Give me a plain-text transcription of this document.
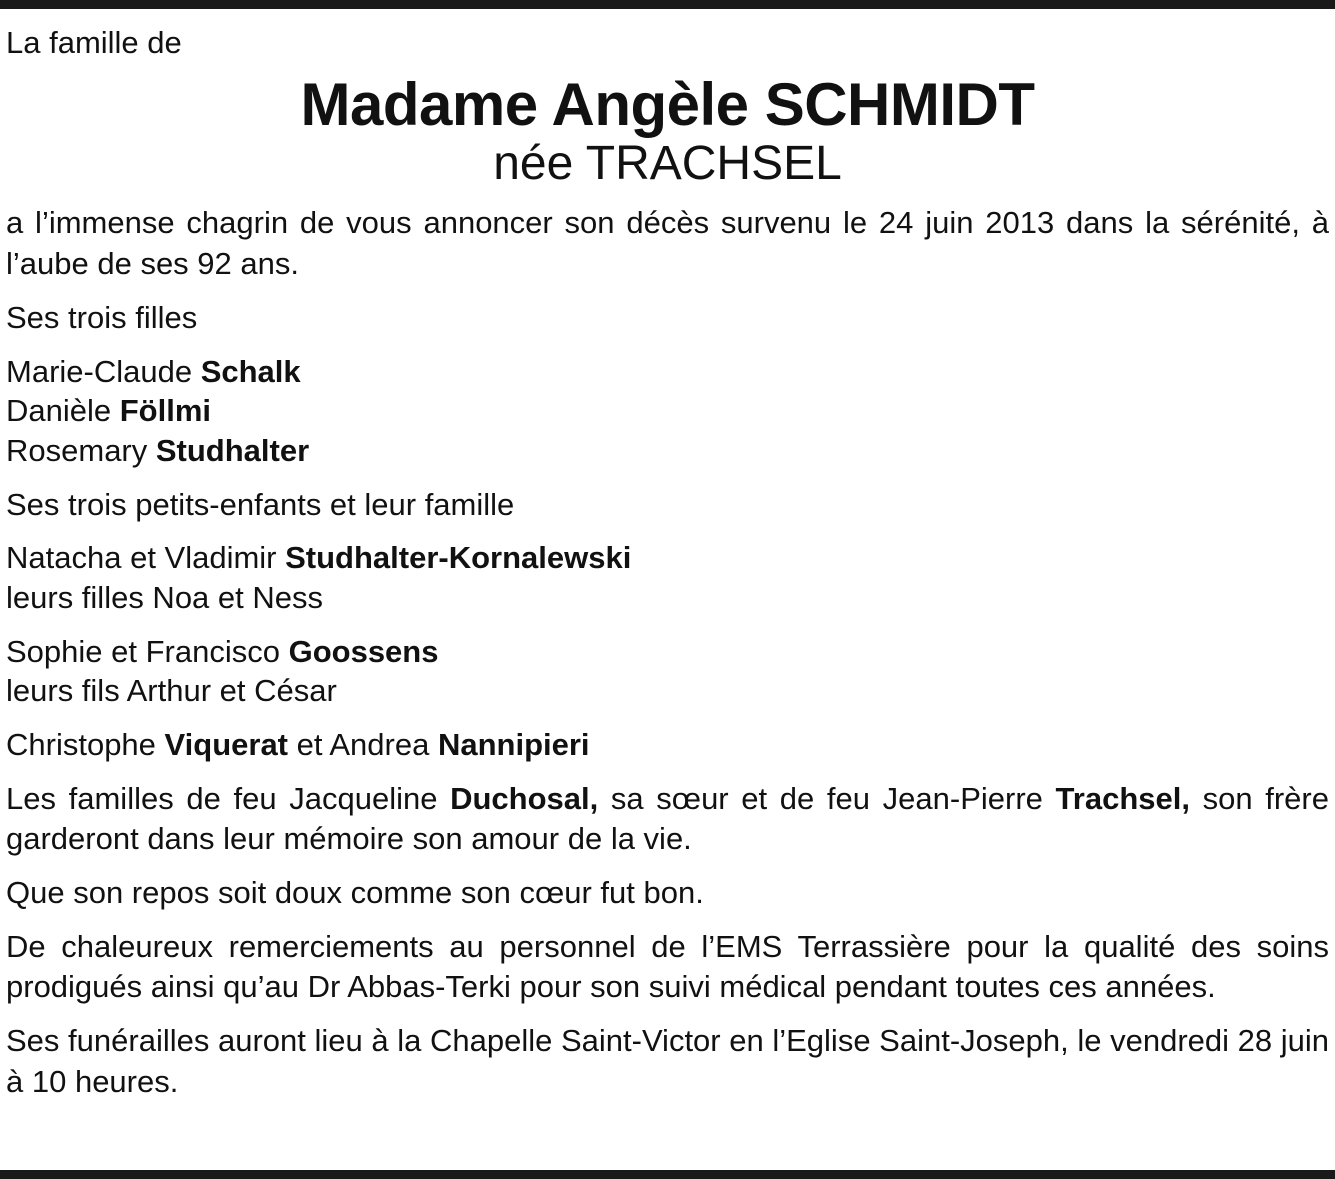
La famille de

Madame Angèle SCHMIDT

née TRACHSEL

a l’immense chagrin de vous annoncer son décès survenu le 24 juin 2013 dans la sérénité, à l’aube de ses 92 ans.

Ses trois filles

Marie-Claude Schalk
Danièle Föllmi
Rosemary Studhalter

Ses trois petits-enfants et leur famille

Natacha et Vladimir Studhalter-Kornalewski
leurs filles Noa et Ness
Sophie et Francisco Goossens
leurs fils Arthur et César
Christophe Viquerat et Andrea Nannipieri

Les familles de feu Jacqueline Duchosal, sa sœur et de feu Jean-Pierre Trachsel, son frère garderont dans leur mémoire son amour de la vie.

Que son repos soit doux comme son cœur fut bon.

De chaleureux remerciements au personnel de l’EMS Terrassière pour la qualité des soins prodigués ainsi qu’au Dr Abbas-Terki pour son suivi médical pendant toutes ces années.

Ses funérailles auront lieu à la Chapelle Saint-Victor en l’Eglise Saint-Joseph, le vendredi 28 juin à 10 heures.
